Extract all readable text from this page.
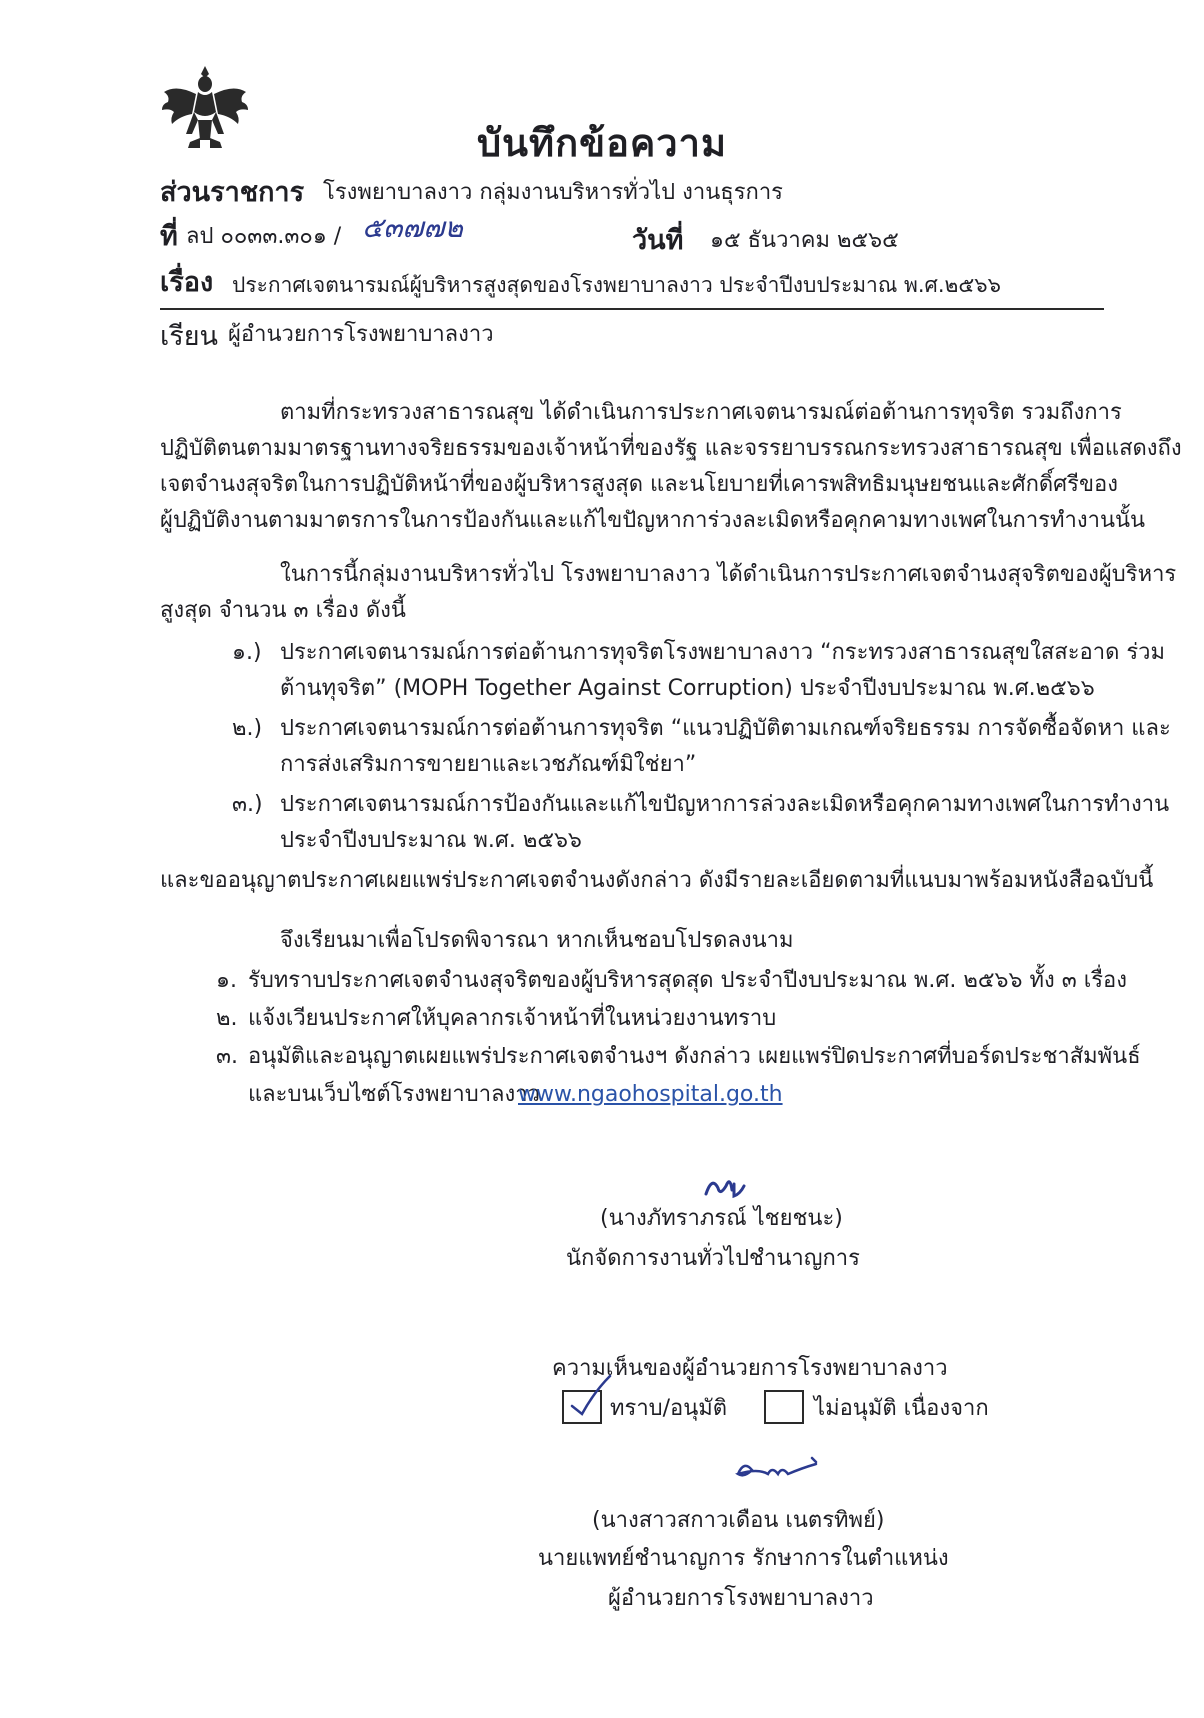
บันทึกข้อความ
ส่วนราชการ โรงพยาบาลงาว กลุ่มงานบริหารทั่วไป งานธุรการ
ที่ ลป ๐๐๓๓.๓๐๑ / ๕๓๗๗๒	วันที่ ๑๕ ธันวาคม ๒๕๖๕
เรื่อง ประกาศเจตนารมณ์ผู้บริหารสูงสุดของโรงพยาบาลงาว ประจำปีงบประมาณ พ.ศ.๒๕๖๖
เรียน ผู้อำนวยการโรงพยาบาลงาว
ตามที่กระทรวงสาธารณสุข ได้ดำเนินการประกาศเจตนารมณ์ต่อต้านการทุจริต รวมถึงการ
ปฏิบัติตนตามมาตรฐานทางจริยธรรมของเจ้าหน้าที่ของรัฐ และจรรยาบรรณกระทรวงสาธารณสุข เพื่อแสดงถึง
เจตจำนงสุจริตในการปฏิบัติหน้าที่ของผู้บริหารสูงสุด และนโยบายที่เคารพสิทธิมนุษยชนและศักดิ์ศรีของ
ผู้ปฏิบัติงานตามมาตรการในการป้องกันและแก้ไขปัญหาการ่วงละเมิดหรือคุกคามทางเพศในการทำงานนั้น
ในการนี้กลุ่มงานบริหารทั่วไป โรงพยาบาลงาว ได้ดำเนินการประกาศเจตจำนงสุจริตของผู้บริหาร
สูงสุด จำนวน ๓ เรื่อง ดังนี้
๑.) ประกาศเจตนารมณ์การต่อต้านการทุจริตโรงพยาบาลงาว “กระทรวงสาธารณสุขใสสะอาด ร่วม
ต้านทุจริต” (MOPH Together Against Corruption) ประจำปีงบประมาณ พ.ศ.๒๕๖๖
๒.) ประกาศเจตนารมณ์การต่อต้านการทุจริต “แนวปฏิบัติตามเกณฑ์จริยธรรม การจัดซื้อจัดหา และ
การส่งเสริมการขายยาและเวชภัณฑ์มิใช่ยา”
๓.) ประกาศเจตนารมณ์การป้องกันและแก้ไขปัญหาการล่วงละเมิดหรือคุกคามทางเพศในการทำงาน
ประจำปีงบประมาณ พ.ศ. ๒๕๖๖
และขออนุญาตประกาศเผยแพร่ประกาศเจตจำนงดังกล่าว ดังมีรายละเอียดตามที่แนบมาพร้อมหนังสือฉบับนี้
จึงเรียนมาเพื่อโปรดพิจารณา หากเห็นชอบโปรดลงนาม
๑. รับทราบประกาศเจตจำนงสุจริตของผู้บริหารสุดสุด ประจำปีงบประมาณ พ.ศ. ๒๕๖๖ ทั้ง ๓ เรื่อง
๒. แจ้งเวียนประกาศให้บุคลากรเจ้าหน้าที่ในหน่วยงานทราบ
๓. อนุมัติและอนุญาตเผยแพร่ประกาศเจตจำนงฯ ดังกล่าว เผยแพร่ปิดประกาศที่บอร์ดประชาสัมพันธ์
และบนเว็บไซต์โรงพยาบาลงาว
www.ngaohospital.go.th
(นางภัทราภรณ์ ไชยชนะ)
นักจัดการงานทั่วไปชำนาญการ
ความเห็นของผู้อำนวยการโรงพยาบาลงาว
ทราบ/อนุมัติ	ไม่อนุมัติ เนื่องจาก
(นางสาวสกาวเดือน เนตรทิพย์)
นายแพทย์ชำนาญการ รักษาการในตำแหน่ง
ผู้อำนวยการโรงพยาบาลงาว
